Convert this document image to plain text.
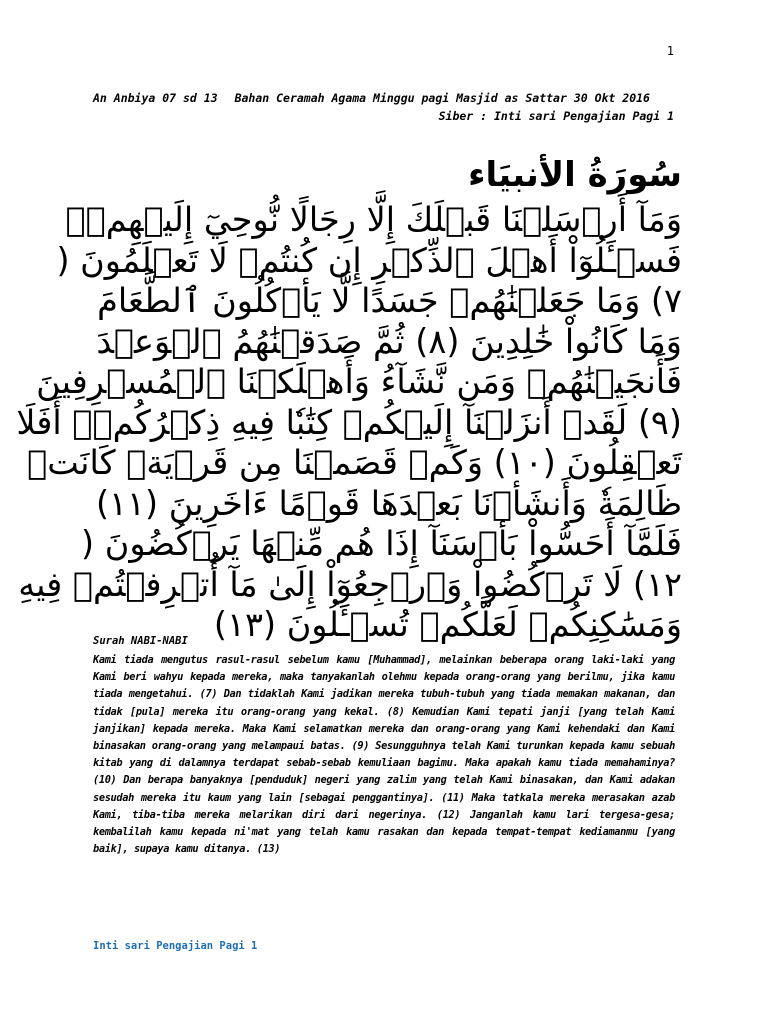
1
An Anbiya 07 sd 13 Bahan Ceramah Agama Minggu pagi Masjid as Sattar 30 Okt 2016
Siber : Inti sari Pengajian Pagi 1
سُورَةُ الأنبيَاء
وَمَآ أَرۡسَلۡنَا قَبۡلَكَ إِلَّا رِجَالًا نُّوحِيٓ إِلَيۡهِمۡۖ
فَسۡـَٔلُوٓاْ أَهۡلَ ٱلذِّكۡرِ إِن كُنتُمۡ لَا تَعۡلَمُونَ (
٧) وَمَا جَعَلۡنَٰهُمۡ جَسَدًا لَّا يَأۡكُلُونَ ٱلطَّعَامَ
وَمَا كَانُواْ خَٰلِدِينَ (٨) ثُمَّ صَدَقۡنَٰهُمُ ٱلۡوَعۡدَ
فَأَنجَيۡنَٰهُمۡ وَمَن نَّشَآءُ وَأَهۡلَكۡنَا ٱلۡمُسۡرِفِينَ
(٩) لَقَدۡ أَنزَلۡنَآ إِلَيۡكُمۡ كِتَٰبٗا فِيهِ ذِكۡرُكُمۡۚ أَفَلَا
تَعۡقِلُونَ (١٠) وَكَمۡ قَصَمۡنَا مِن قَرۡيَةٖ كَانَتۡ
ظَالِمَةٗ وَأَنشَأۡنَا بَعۡدَهَا قَوۡمًا ءَاخَرِينَ (١١)
فَلَمَّآ أَحَسُّواْ بَأۡسَنَآ إِذَا هُم مِّنۡهَا يَرۡكُضُونَ (
١٢) لَا تَرۡكُضُواْ وَٱرۡجِعُوٓاْ إِلَىٰ مَآ أُتۡرِفۡتُمۡ فِيهِ
وَمَسَٰكِنِكُمۡ لَعَلَّكُمۡ تُسۡـَٔلُونَ (١٣)
Surah NABI-NABI
Kami tiada mengutus rasul-rasul sebelum kamu [Muhammad], melainkan beberapa orang laki-laki yang Kami beri wahyu kepada mereka, maka tanyakanlah olehmu kepada orang-orang yang berilmu, jika kamu tiada mengetahui. (7) Dan tidaklah Kami jadikan mereka tubuh-tubuh yang tiada memakan makanan, dan tidak [pula] mereka itu orang-orang yang kekal. (8) Kemudian Kami tepati janji [yang telah Kami janjikan] kepada mereka. Maka Kami selamatkan mereka dan orang-orang yang Kami kehendaki dan Kami binasakan orang-orang yang melampaui batas. (9) Sesungguhnya telah Kami turunkan kepada kamu sebuah kitab yang di dalamnya terdapat sebab-sebab kemuliaan bagimu. Maka apakah kamu tiada memahaminya? (10) Dan berapa banyaknya [penduduk] negeri yang zalim yang telah Kami binasakan, dan Kami adakan sesudah mereka itu kaum yang lain [sebagai penggantinya]. (11) Maka tatkala mereka merasakan azab Kami, tiba-tiba mereka melarikan diri dari negerinya. (12) Janganlah kamu lari tergesa-gesa; kembalilah kamu kepada ni'mat yang telah kamu rasakan dan kepada tempat-tempat kediamanmu [yang baik], supaya kamu ditanya. (13)
Inti sari Pengajian Pagi 1
